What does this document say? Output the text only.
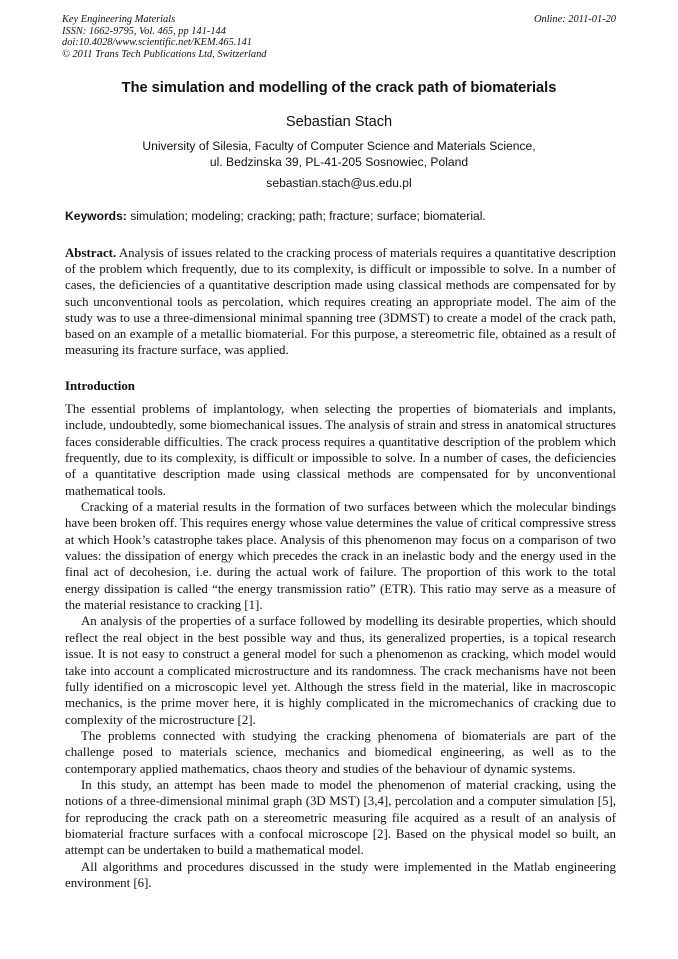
Key Engineering Materials
ISSN: 1662-9795, Vol. 465, pp 141-144
doi:10.4028/www.scientific.net/KEM.465.141
© 2011 Trans Tech Publications Ltd, Switzerland
Online: 2011-01-20
The simulation and modelling of the crack path of biomaterials
Sebastian Stach
University of Silesia, Faculty of Computer Science and Materials Science,
ul. Bedzinska 39, PL-41-205 Sosnowiec, Poland
sebastian.stach@us.edu.pl
Keywords: simulation; modeling; cracking; path; fracture; surface; biomaterial.

Abstract. Analysis of issues related to the cracking process of materials requires a quantitative description of the problem which frequently, due to its complexity, is difficult or impossible to solve. In a number of cases, the deficiencies of a quantitative description made using classical methods are compensated for by such unconventional tools as percolation, which requires creating an appropriate model. The aim of the study was to use a three-dimensional minimal spanning tree (3DMST) to create a model of the crack path, based on an example of a metallic biomaterial. For this purpose, a stereometric file, obtained as a result of measuring its fracture surface, was applied.

Introduction

The essential problems of implantology, when selecting the properties of biomaterials and implants, include, undoubtedly, some biomechanical issues. The analysis of strain and stress in anatomical structures faces considerable difficulties. The crack process requires a quantitative description of the problem which frequently, due to its complexity, is difficult or impossible to solve. In a number of cases, the deficiencies of a quantitative description made using classical methods are compensated for by unconventional mathematical tools.

Cracking of a material results in the formation of two surfaces between which the molecular bindings have been broken off. This requires energy whose value determines the value of critical compressive stress at which Hook’s catastrophe takes place. Analysis of this phenomenon may focus on a comparison of two values: the dissipation of energy which precedes the crack in an inelastic body and the energy used in the final act of decohesion, i.e. during the actual work of failure. The proportion of this work to the total energy dissipation is called “the energy transmission ratio” (ETR). This ratio may serve as a measure of the material resistance to cracking [1].

An analysis of the properties of a surface followed by modelling its desirable properties, which should reflect the real object in the best possible way and thus, its generalized properties, is a topical research issue. It is not easy to construct a general model for such a phenomenon as cracking, which model would take into account a complicated microstructure and its randomness. The crack mechanisms have not been fully identified on a microscopic level yet. Although the stress field in the material, like in macroscopic mechanics, is the prime mover here, it is highly complicated in the micromechanics of cracking due to complexity of the microstructure [2].

The problems connected with studying the cracking phenomena of biomaterials are part of the challenge posed to materials science, mechanics and biomedical engineering, as well as to the contemporary applied mathematics, chaos theory and studies of the behaviour of dynamic systems.

In this study, an attempt has been made to model the phenomenon of material cracking, using the notions of a three-dimensional minimal graph (3D MST) [3,4], percolation and a computer simulation [5], for reproducing the crack path on a stereometric measuring file acquired as a result of an analysis of biomaterial fracture surfaces with a confocal microscope [2]. Based on the physical model so built, an attempt can be undertaken to build a mathematical model.

All algorithms and procedures discussed in the study were implemented in the Matlab engineering environment [6].
